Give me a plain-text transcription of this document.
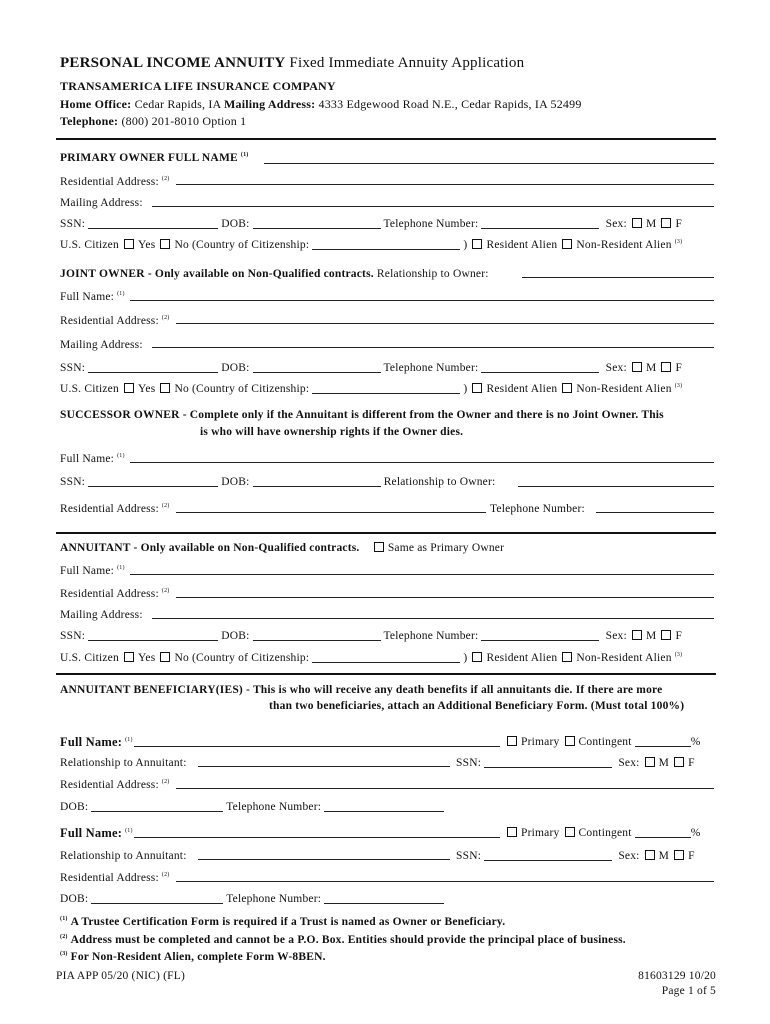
PERSONAL INCOME ANNUITY Fixed Immediate Annuity Application
TRANSAMERICA LIFE INSURANCE COMPANY
Home Office: Cedar Rapids, IA Mailing Address: 4333 Edgewood Road N.E., Cedar Rapids, IA 52499
Telephone: (800) 201-8010 Option 1
PRIMARY OWNER FULL NAME $^{(1)}$
Residential Address: $^{(2)}$
Mailing Address:
SSN:	DOB:	Telephone Number:	Sex: M F
U.S. Citizen Yes No (Country of Citizenship:	) Resident Alien Non-Resident Alien $^{(3)}$
JOINT OWNER - Only available on Non-Qualified contracts. Relationship to Owner:
Full Name: $^{(1)}$
Residential Address: $^{(2)}$
Mailing Address:
SSN:	DOB:	Telephone Number:	Sex: M F
U.S. Citizen Yes No (Country of Citizenship:	) Resident Alien Non-Resident Alien $^{(3)}$
SUCCESSOR OWNER - Complete only if the Annuitant is different from the Owner and there is no Joint Owner. This
is who will have ownership rights if the Owner dies.
Full Name: $^{(1)}$
SSN:	DOB:	Relationship to Owner:
Residential Address: $^{(2)}$	Telephone Number:
ANNUITANT - Only available on Non-Qualified contracts. Same as Primary Owner
Full Name: $^{(1)}$
Residential Address: $^{(2)}$
Mailing Address:
SSN:	DOB:	Telephone Number:	Sex: M F
U.S. Citizen Yes No (Country of Citizenship:	) Resident Alien Non-Resident Alien $^{(3)}$
ANNUITANT BENEFICIARY(IES) - This is who will receive any death benefits if all annuitants die. If there are more
than two beneficiaries, attach an Additional Beneficiary Form. (Must total 100%)
Full Name: $^{(1)}$	Primary Contingent	%
Relationship to Annuitant:	SSN:	Sex: M F
Residential Address: $^{(2)}$
DOB:	Telephone Number:
Full Name: $^{(1)}$	Primary Contingent	%
Relationship to Annuitant:	SSN:	Sex: M F
Residential Address: $^{(2)}$
DOB:	Telephone Number:
$^{(1)}$ A Trustee Certification Form is required if a Trust is named as Owner or Beneficiary.
$^{(2)}$ Address must be completed and cannot be a P.O. Box. Entities should provide the principal place of business.
$^{(3)}$ For Non-Resident Alien, complete Form W-8BEN.
PIA APP 05/20 (NIC) (FL)	81603129 10/20
Page 1 of 5
